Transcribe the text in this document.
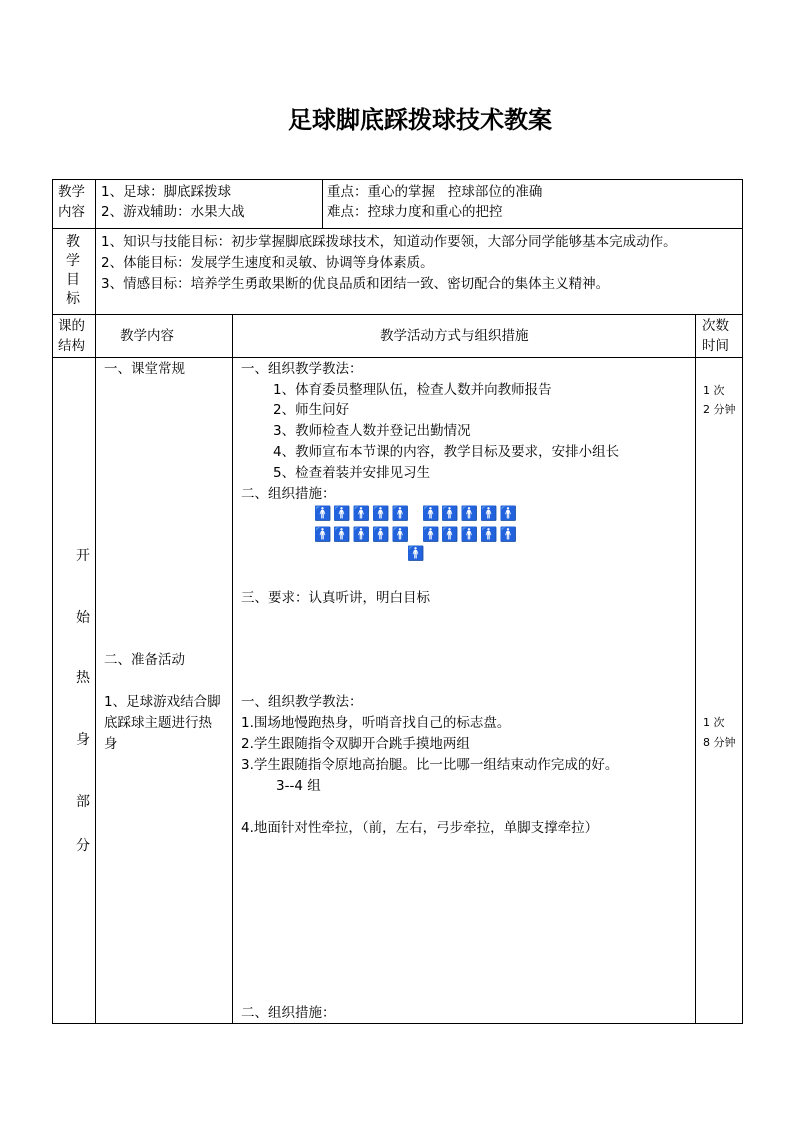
足球脚底踩拨球技术教案
教学
内容
1、足球：脚底踩拨球
2、游戏辅助：水果大战
重点：重心的掌握   控球部位的准确
难点：控球力度和重心的把控
教
学
目
标
1、知识与技能目标：初步掌握脚底踩拨球技术，知道动作要领，大部分同学能够基本完成动作。
2、体能目标：发展学生速度和灵敏、协调等身体素质。
3、情感目标：培养学生勇敢果断的优良品质和团结一致、密切配合的集体主义精神。
课的
结构
教学内容	教学活动方式与组织措施
次数
时间
开
始
热
身
部
分
一、课堂常规
二、准备活动
1、足球游戏结合脚
底踩球主题进行热
身
一、组织教学教法：
1、体育委员整理队伍，检查人数并向教师报告
2、师生问好
3、教师检查人数并登记出勤情况
4、教师宣布本节课的内容，教学目标及要求，安排小组长
5、检查着装并安排见习生
二、组织措施：
🚹🚹🚹🚹🚹 🚹🚹🚹🚹🚹
🚹🚹🚹🚹🚹 🚹🚹🚹🚹🚹
🚹
三、要求：认真听讲，明白目标
一、组织教学教法：
1.围场地慢跑热身，听哨音找自己的标志盘。
2.学生跟随指令双脚开合跳手摸地两组
3.学生跟随指令原地高抬腿。比一比哪一组结束动作完成的好。
3--4 组
4.地面针对性牵拉，（前，左右，弓步牵拉，单脚支撑牵拉）
二、组织措施：
1 次
2 分钟
1 次
8 分钟
